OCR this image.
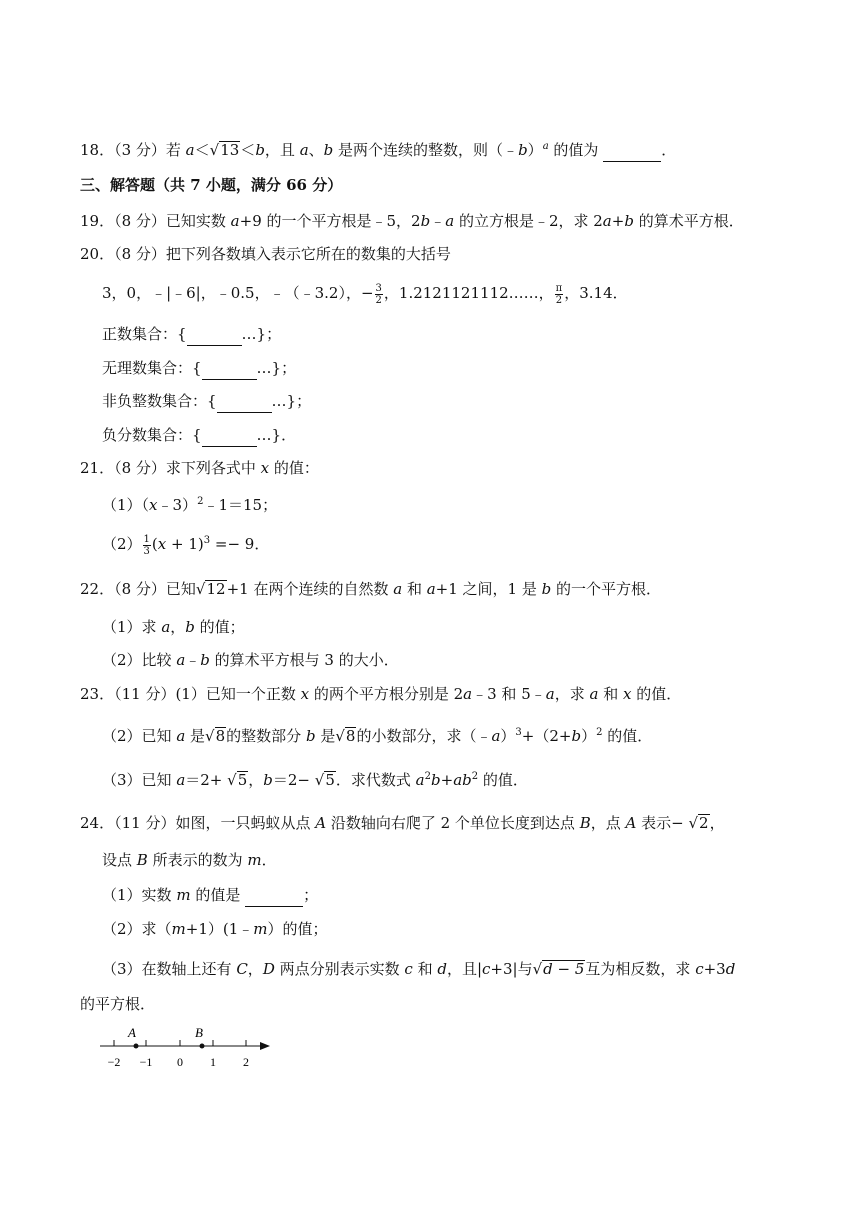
18．（3 分）若 a＜√13＜b，且 a、b 是两个连续的整数，则（﹣b）$^a$ 的值为	．
三、解答题（共 7 小题，满分 66 分）
19．（8 分）已知实数 a+9 的一个平方根是﹣5，2b﹣a 的立方根是﹣2，求 2a+b 的算术平方根．
20．（8 分）把下列各数填入表示它所在的数集的大括号
3，0，﹣|﹣6|，﹣0.5，﹣（﹣3.2），− $\frac{3}{2}$ ，1.2121121112……， $\frac{\pi}{2}$ ，3.14．
正数集合：{	…}；
无理数集合：{	…}；
非负整数集合：{	…}；
负分数集合：{	…}．
21．（8 分）求下列各式中 x 的值：
（1）（x﹣3）$^2$﹣1＝15；
$(2) \frac{1}{3} (x + 1)^3 =- 9$．
22．（8 分）已知√12+1 在两个连续的自然数 a 和 a+1 之间，1 是 b 的一个平方根．
（1）求 a，b 的值；
（2）比较 a﹣b 的算术平方根与 3 的大小．
23．（11 分）(1）已知一个正数 x 的两个平方根分别是 2a﹣3 和 5﹣a，求 a 和 x 的值．
（2）已知 a 是√8的整数部分 b 是√8的小数部分，求$(﹣a)^3+(2+b)^2$ 的值．
（3）已知 a＝2+ √5，b＝2− √5．求代数式 $a^2b+ab^2$ 的值．
24．（11 分）如图，一只蚂蚁从点 A 沿数轴向右爬了 2 个单位长度到达点 B，点 A 表示− √2，
设点 B 所表示的数为 m．
（1）实数 m 的值是	；
（2）求（m+1）(1﹣m）的值；
（3）在数轴上还有 C，D 两点分别表示实数 c 和 d，且|c+3|与√d − 5互为相反数，求 c+3d
的平方根．
A	B
−2 −1 0 1 2
